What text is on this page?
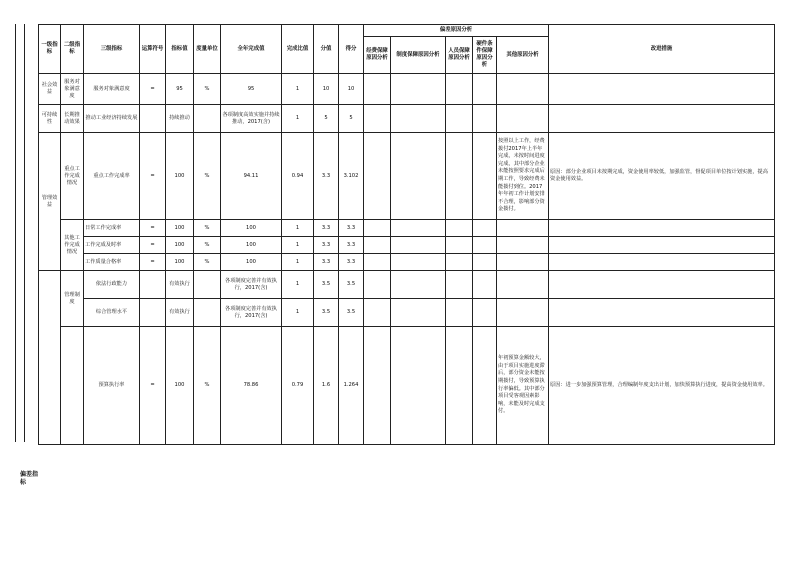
一级指标	二级指标	三级指标	运算符号	指标值	度量单位	全年完成值	完成比值	分值	得分	偏差原因分析					改进措施
										经费保障原因分析	制度保障原因分析	人员保障原因分析	硬件条件保障原因分析	其他原因分析	
社会效益	服务对象满意度	服务对象满意度	=	95	%	95	1	10	10						
可持续性	长期推动效果	推动工业经济持续发展		持续推动		各项制度高效实施并持续推动，2017(含)	1	5	5						
管理效益	重点工作完成情况	重点工作完成率	=	100	%	94.11	0.94	3.3	3.102					按照以上工作，经费拨付2017年上半年完成，未按时间进度完成，其中部分企业未能按照要求完成后期工作，导致经费未能拨付到位。2017年年初工作计划安排不合理，影响部分资金拨付。	原因：部分企业项目未按期完成，资金使用率较低，加强监管，督促项目单位按计划实施，提高资金使用效益。
	其他工作完成情况	日常工作完成率	=	100	%	100	1	3.3	3.3						
		工作完成及时率	=	100	%	100	1	3.3	3.3						
		工作质量合格率	=	100	%	100	1	3.3	3.3						
	管理制度	依法行政能力		有效执行		各项制度完善并有效执行，2017(含)	1	3.5	3.5						
		综合管理水平		有效执行		各项制度完善并有效执行，2017(含)	1	3.5	3.5						
		预算执行率	=	100	%	78.86	0.79	1.6	1.264					年初预算金额较大，由于项目实施进度滞后，部分资金未能按期拨付，导致预算执行率偏低。其中部分项目受客观因素影响，未能及时完成支付。	原因：进一步加强预算管理，合理编制年度支出计划，加快预算执行进度，提高资金使用效率。
偏差指标
